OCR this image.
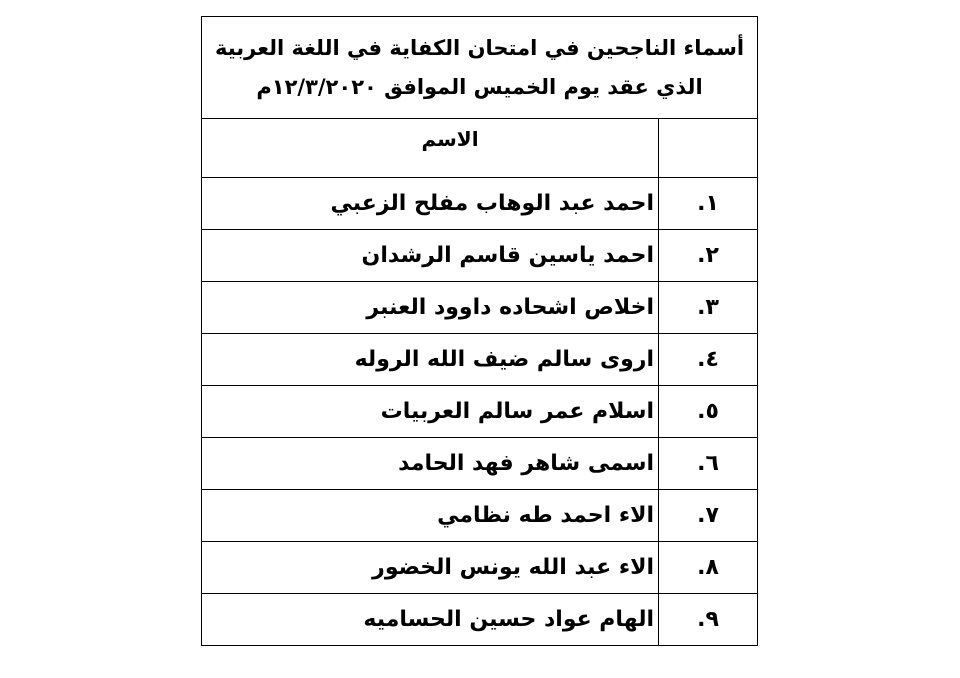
أسماء الناجحين في امتحان الكفاية في اللغة العربية
الذي عقد يوم الخميس الموافق ١٢/٣/٢٠٢٠م	

	الاسم
١.	احمد عبد الوهاب مفلح الزعبي
٢.	احمد ياسين قاسم الرشدان
٣.	اخلاص اشحاده داوود العنبر
٤.	اروى سالم ضيف الله الروله
٥.	اسلام عمر سالم العربيات
٦.	اسمى شاهر فهد الحامد
٧.	الاء احمد طه نظامي
٨.	الاء عبد الله يونس الخضور
٩.	الهام عواد حسين الحساميه
